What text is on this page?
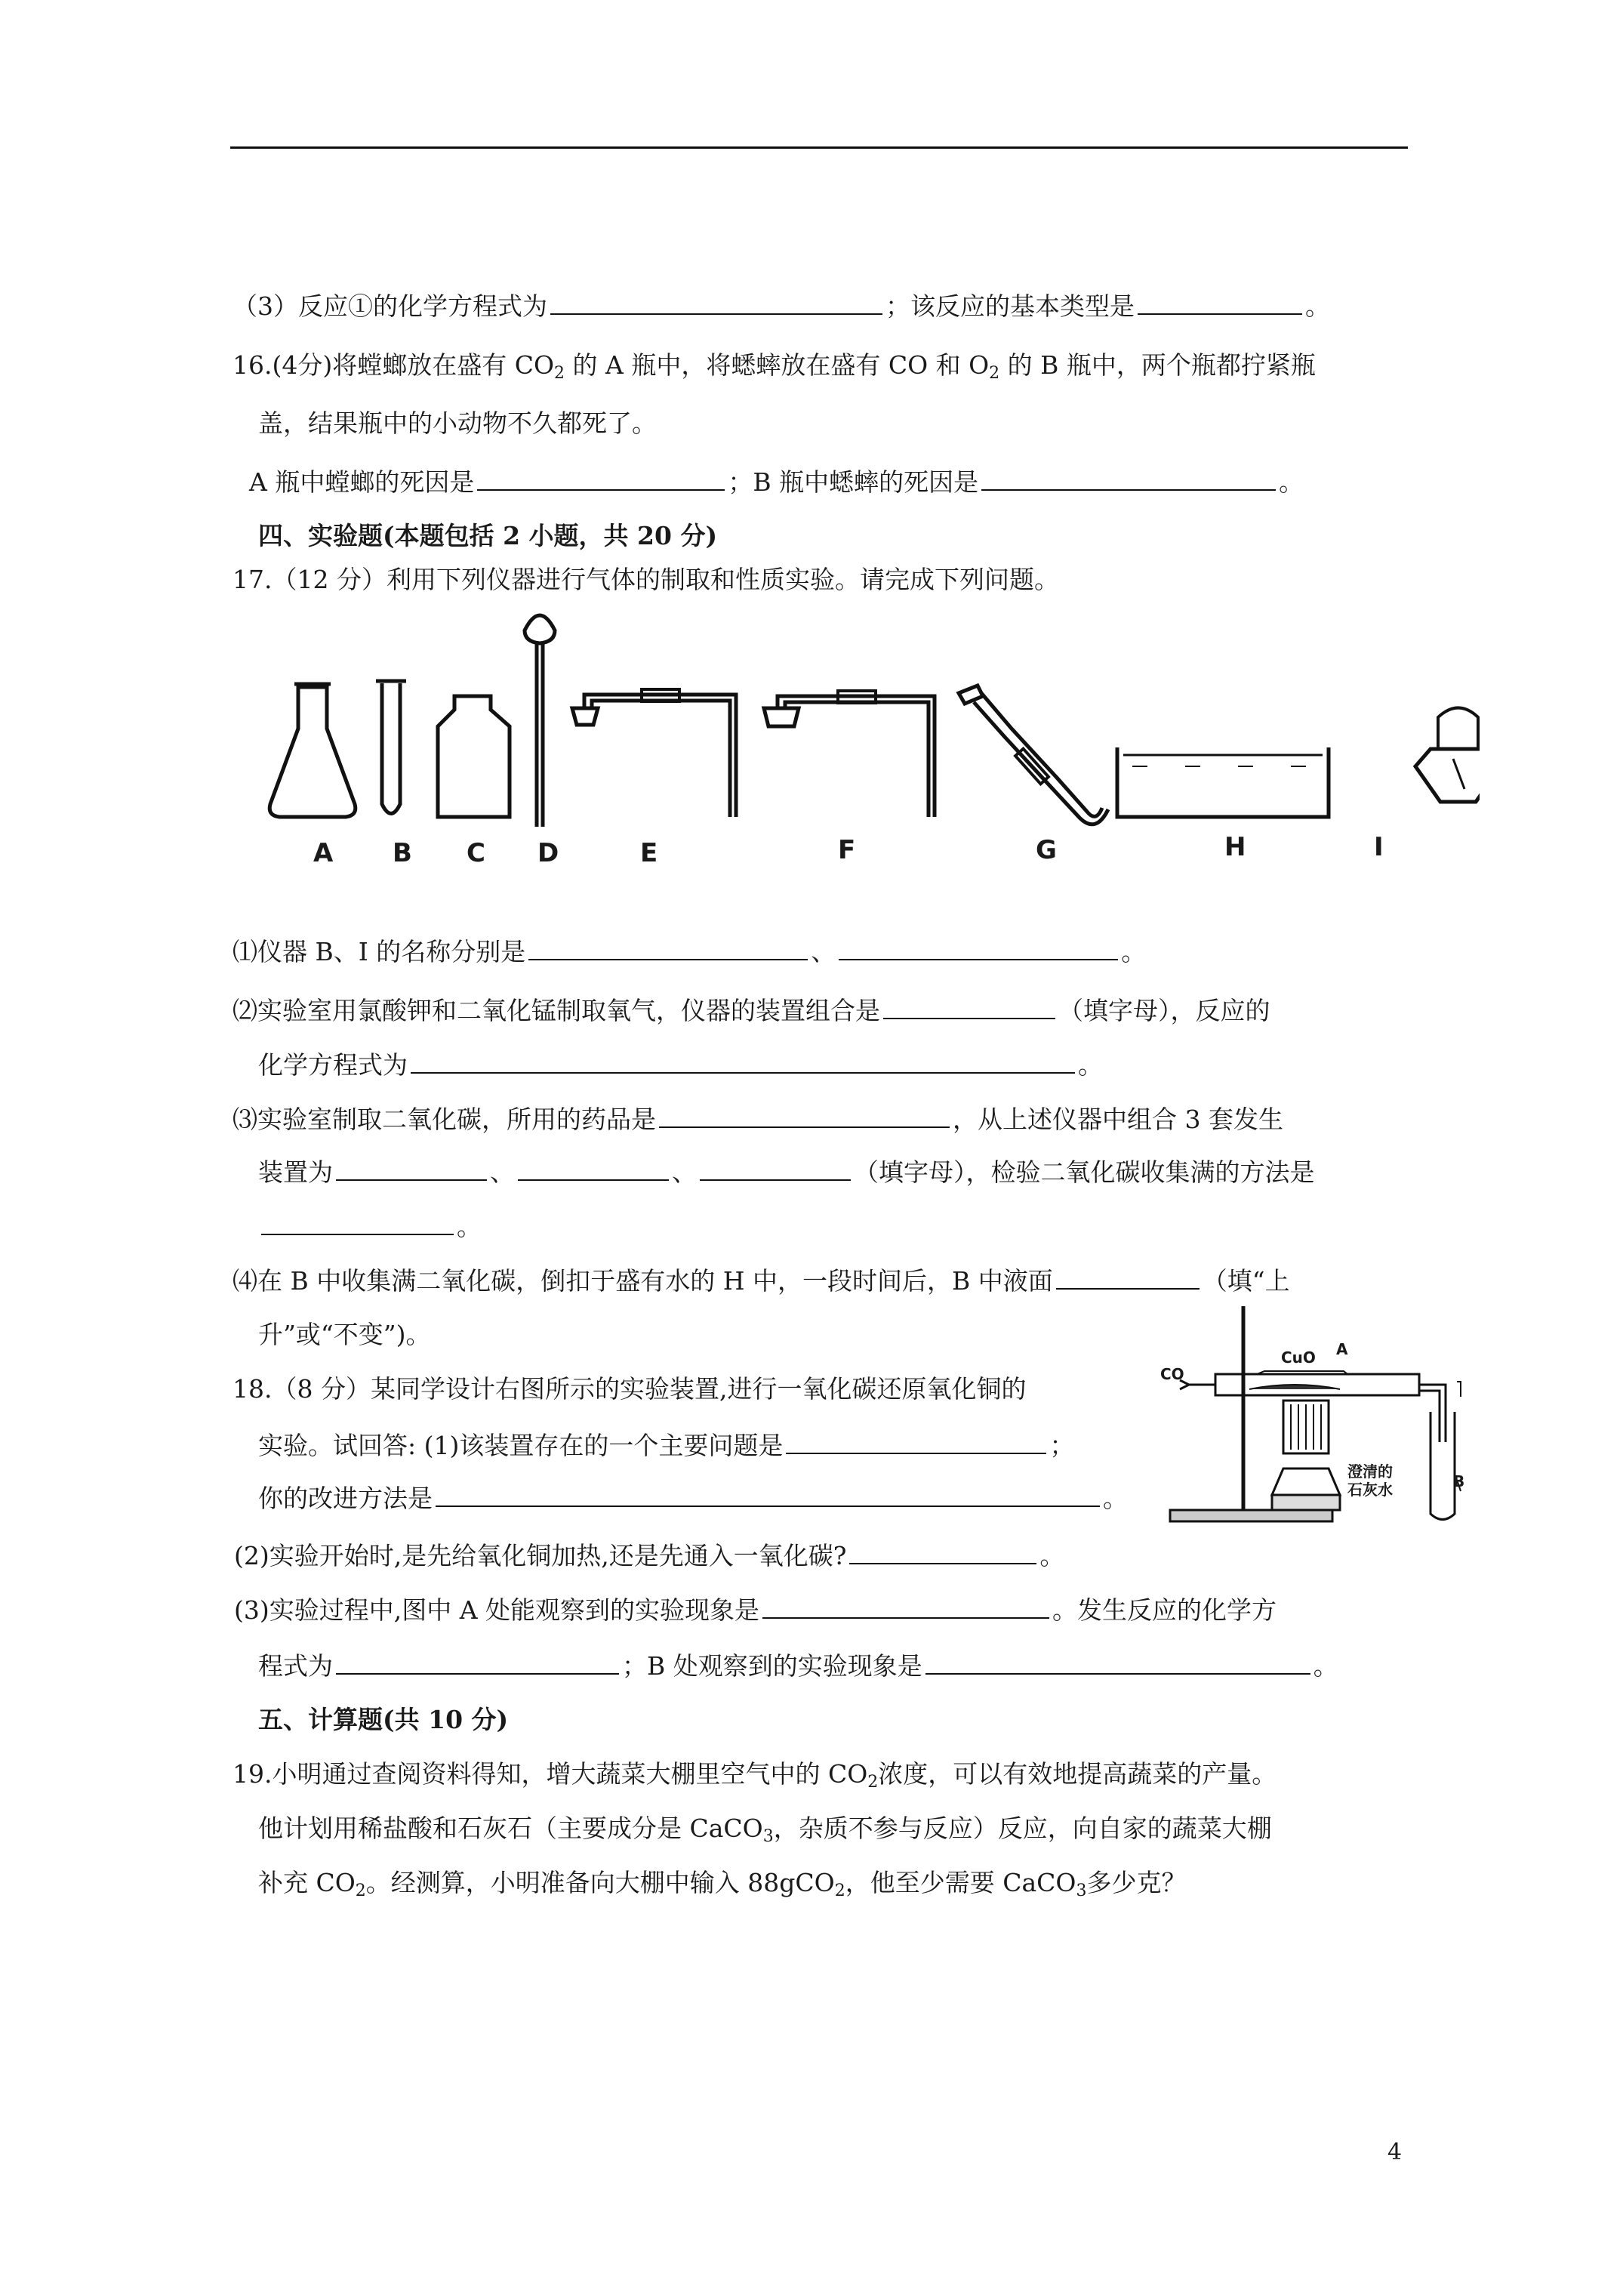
（3）反应①的化学方程式为	；该反应的基本类型是	。
16.(4分)将螳螂放在盛有 $CO_2$ 的 A 瓶中，将蟋蟀放在盛有 CO 和 $O_2$ 的 B 瓶中，两个瓶都拧紧瓶
盖，结果瓶中的小动物不久都死了。
A 瓶中螳螂的死因是	；B 瓶中蟋蟀的死因是	。
四、实验题(本题包括 2 小题，共 20 分)
17.（12 分）利用下列仪器进行气体的制取和性质实验。请完成下列问题。
A B C D	E	F	G	H	I
⑴仪器 B、I 的名称分别是	、	。
⑵实验室用氯酸钾和二氧化锰制取氧气，仪器的装置组合是	（填字母），反应的
化学方程式为	。
⑶实验室制取二氧化碳，所用的药品是	，从上述仪器中组合 3 套发生
装置为	、	、	（填字母），检验二氧化碳收集满的方法是
。
⑷在 B 中收集满二氧化碳，倒扣于盛有水的 H 中，一段时间后，B 中液面	（填“上
升”或“不变”)。
18.（8 分）某同学设计右图所示的实验装置,进行一氧化碳还原氧化铜的
实验。试回答: (1)该装置存在的一个主要问题是	；
你的改进方法是	。
(2)实验开始时,是先给氧化铜加热,还是先通入一氧化碳?	。
(3)实验过程中,图中 A 处能观察到的实验现象是	。发生反应的化学方
程式为	；B 处观察到的实验现象是	。
CO
CuO A
澄清的
石灰水	B
五、计算题(共 10 分)
19.小明通过查阅资料得知，增大蔬菜大棚里空气中的 $CO_2$浓度，可以有效地提高蔬菜的产量。
他计划用稀盐酸和石灰石（主要成分是 CaCO$_3$，杂质不参与反应）反应，向自家的蔬菜大棚
补充 $CO_2$。经测算，小明准备向大棚中输入 88gCO$_2$，他至少需要 CaCO$_3$多少克？
4
